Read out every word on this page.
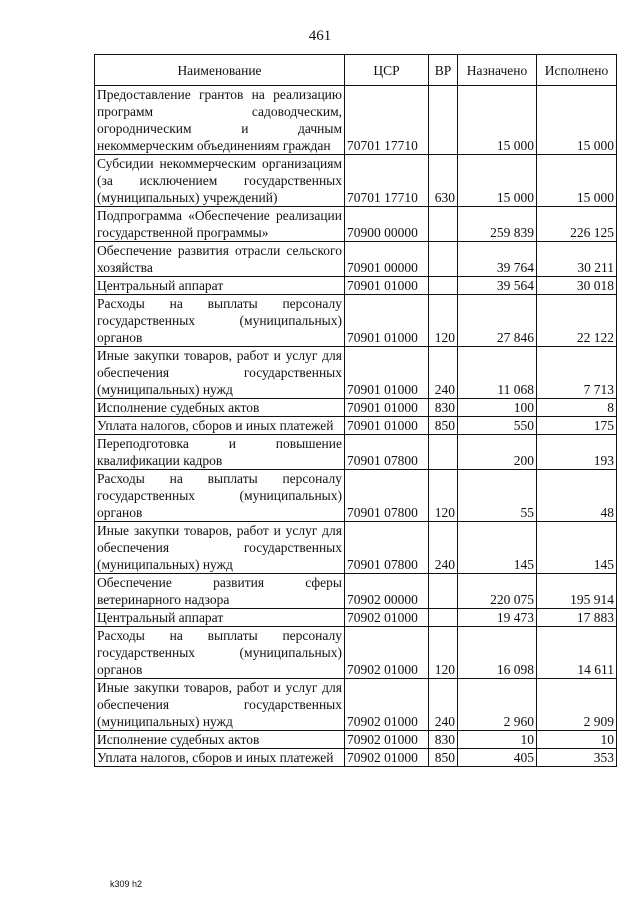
461
Наименование	ЦСР	ВР	Назначено	Исполнено
Предоставление грантов на реализацию программ садоводческим, огородническим и дачным некоммерческим объединениям граждан	70701 17710		15 000	15 000
Субсидии некоммерческим организациям (за исключением государственных (муниципальных) учреждений)	70701 17710	630	15 000	15 000
Подпрограмма «Обеспечение реализации государственной программы»	70900 00000		259 839	226 125
Обеспечение развития отрасли сельского хозяйства	70901 00000		39 764	30 211
Центральный аппарат	70901 01000		39 564	30 018
Расходы на выплаты персоналу государственных (муниципальных) органов	70901 01000	120	27 846	22 122
Иные закупки товаров, работ и услуг для обеспечения государственных (муниципальных) нужд	70901 01000	240	11 068	7 713
Исполнение судебных актов	70901 01000	830	100	8
Уплата налогов, сборов и иных платежей	70901 01000	850	550	175
Переподготовка и повышение квалификации кадров	70901 07800		200	193
Расходы на выплаты персоналу государственных (муниципальных) органов	70901 07800	120	55	48
Иные закупки товаров, работ и услуг для обеспечения государственных (муниципальных) нужд	70901 07800	240	145	145
Обеспечение развития сферы ветеринарного надзора	70902 00000		220 075	195 914
Центральный аппарат	70902 01000		19 473	17 883
Расходы на выплаты персоналу государственных (муниципальных) органов	70902 01000	120	16 098	14 611
Иные закупки товаров, работ и услуг для обеспечения государственных (муниципальных) нужд	70902 01000	240	2 960	2 909
Исполнение судебных актов	70902 01000	830	10	10
Уплата налогов, сборов и иных платежей	70902 01000	850	405	353
k309 h2
